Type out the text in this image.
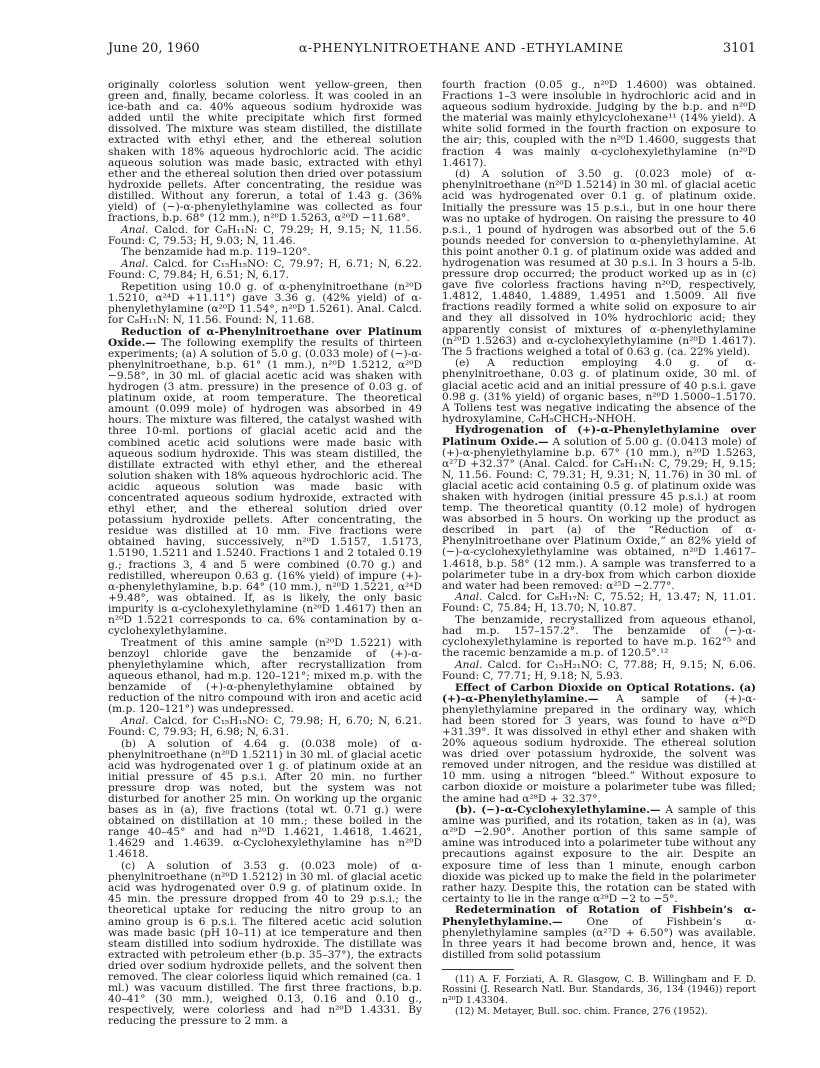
June 20, 1960	α-PHENYLNITROETHANE AND -ETHYLAMINE	3101

originally colorless solution went yellow-green, then green and, finally, became colorless. It was cooled in an ice-bath and ca. 40% aqueous sodium hydroxide was added until the white precipitate which first formed dissolved. The mixture was steam distilled, the distillate extracted with ethyl ether, and the ethereal solution shaken with 18% aqueous hydrochloric acid. The acidic aqueous solution was made basic, extracted with ethyl ether and the ethereal solution then dried over potassium hydroxide pellets. After concentrating, the residue was distilled. Without any forerun, a total of 1.43 g. (36% yield) of (−)-α-phenylethylamine was collected as four fractions, b.p. 68° (12 mm.), n²⁰D 1.5263, α²⁰D −11.68°.

Anal. Calcd. for C₈H₁₁N: C, 79.29; H, 9.15; N, 11.56. Found: C, 79.53; H, 9.03; N, 11.46.

The benzamide had m.p. 119–120°.

Anal. Calcd. for C₁₅H₁₅NO: C, 79.97; H, 6.71; N, 6.22. Found: C, 79.84; H, 6.51; N, 6.17.

Repetition using 10.0 g. of α-phenylnitroethane (n²⁰D 1.5210, α²⁴D +11.11°) gave 3.36 g. (42% yield) of α-phenylethylamine (α²⁰D 11.54°, n²⁰D 1.5261). Anal. Calcd. for C₈H₁₁N: N, 11.56. Found: N, 11.68.

Reduction of α-Phenylnitroethane over Platinum Oxide.— The following exemplify the results of thirteen experiments; (a) A solution of 5.0 g. (0.033 mole) of (−)-α-phenylnitroethane, b.p. 61° (1 mm.), n²⁰D 1.5212, α²⁰D −9.58°, in 30 ml. of glacial acetic acid was shaken with hydrogen (3 atm. pressure) in the presence of 0.03 g. of platinum oxide, at room temperature. The theoretical amount (0.099 mole) of hydrogen was absorbed in 49 hours. The mixture was filtered, the catalyst washed with three 10-ml. portions of glacial acetic acid and the combined acetic acid solutions were made basic with aqueous sodium hydroxide. This was steam distilled, the distillate extracted with ethyl ether, and the ethereal solution shaken with 18% aqueous hydrochloric acid. The acidic aqueous solution was made basic with concentrated aqueous sodium hydroxide, extracted with ethyl ether, and the ethereal solution dried over potassium hydroxide pellets. After concentrating, the residue was distilled at 10 mm. Five fractions were obtained having, successively, n²⁰D 1.5157, 1.5173, 1.5190, 1.5211 and 1.5240. Fractions 1 and 2 totaled 0.19 g.; fractions 3, 4 and 5 were combined (0.70 g.) and redistilled, whereupon 0.63 g. (16% yield) of impure (+)-α-phenylethylamine, b.p. 64° (10 mm.), n²⁰D 1.5221, α²⁴D +9.48°, was obtained. If, as is likely, the only basic impurity is α-cyclohexylethylamine (n²⁰D 1.4617) then an n²⁰D 1.5221 corresponds to ca. 6% contamination by α-cyclohexylethylamine.

Treatment of this amine sample (n²⁰D 1.5221) with benzoyl chloride gave the benzamide of (+)-α-phenylethylamine which, after recrystallization from aqueous ethanol, had m.p. 120–121°; mixed m.p. with the benzamide of (+)-α-phenylethylamine obtained by reduction of the nitro compound with iron and acetic acid (m.p. 120–121°) was undepressed.

Anal. Calcd. for C₁₅H₁₅NO: C, 79.98; H, 6.70; N, 6.21. Found: C, 79.93; H, 6.98; N, 6.31.

(b) A solution of 4.64 g. (0.038 mole) of α-phenylnitroethane (n²⁰D 1.5211) in 30 ml. of glacial acetic acid was hydrogenated over 1 g. of platinum oxide at an initial pressure of 45 p.s.i. After 20 min. no further pressure drop was noted, but the system was not disturbed for another 25 min. On working up the organic bases as in (a), five fractions (total wt. 0.71 g.) were obtained on distillation at 10 mm.; these boiled in the range 40–45° and had n²⁰D 1.4621, 1.4618, 1.4621, 1.4629 and 1.4639. α-Cyclohexylethylamine has n²⁰D 1.4618.

(c) A solution of 3.53 g. (0.023 mole) of α-phenylnitroethane (n²⁰D 1.5212) in 30 ml. of glacial acetic acid was hydrogenated over 0.9 g. of platinum oxide. In 45 min. the pressure dropped from 40 to 29 p.s.i.; the theoretical uptake for reducing the nitro group to an amino group is 6 p.s.i. The filtered acetic acid solution was made basic (pH 10–11) at ice temperature and then steam distilled into sodium hydroxide. The distillate was extracted with petroleum ether (b.p. 35–37°), the extracts dried over sodium hydroxide pellets, and the solvent then removed. The clear colorless liquid which remained (ca. 1 ml.) was vacuum distilled. The first three fractions, b.p. 40–41° (30 mm.), weighed 0.13, 0.16 and 0.10 g., respectively, were colorless and had n²⁰D 1.4331. By reducing the pressure to 2 mm. a

fourth fraction (0.05 g., n²⁰D 1.4600) was obtained. Fractions 1–3 were insoluble in hydrochloric acid and in aqueous sodium hydroxide. Judging by the b.p. and n²⁰D the material was mainly ethylcyclohexane¹¹ (14% yield). A white solid formed in the fourth fraction on exposure to the air; this, coupled with the n²⁰D 1.4600, suggests that fraction 4 was mainly α-cyclohexylethylamine (n²⁰D 1.4617).

(d) A solution of 3.50 g. (0.023 mole) of α-phenylnitroethane (n²⁰D 1.5214) in 30 ml. of glacial acetic acid was hydrogenated over 0.1 g. of platinum oxide. Initially the pressure was 15 p.s.i., but in one hour there was no uptake of hydrogen. On raising the pressure to 40 p.s.i., 1 pound of hydrogen was absorbed out of the 5.6 pounds needed for conversion to α-phenylethylamine. At this point another 0.1 g. of platinum oxide was added and hydrogenation was resumed at 30 p.s.i. In 3 hours a 5-lb. pressure drop occurred; the product worked up as in (c) gave five colorless fractions having n²⁰D, respectively, 1.4812, 1.4840, 1.4889, 1.4951 and 1.5009. All five fractions readily formed a white solid on exposure to air and they all dissolved in 10% hydrochloric acid; they apparently consist of mixtures of α-phenylethylamine (n²⁰D 1.5263) and α-cyclohexylethylamine (n²⁰D 1.4617). The 5 fractions weighed a total of 0.63 g. (ca. 22% yield).

(e) A reduction employing 4.0 g. of α-phenylnitroethane, 0.03 g. of platinum oxide, 30 ml. of glacial acetic acid and an initial pressure of 40 p.s.i. gave 0.98 g. (31% yield) of organic bases, n²⁰D 1.5000–1.5170. A Tollens test was negative indicating the absence of the hydroxylamine, C₆H₅CHCH₃-NHOH.

Hydrogenation of (+)-α-Phenylethylamine over Platinum Oxide.— A solution of 5.00 g. (0.0413 mole) of (+)-α-phenylethylamine b.p. 67° (10 mm.), n²⁰D 1.5263, α²⁷D +32.37° (Anal. Calcd. for C₈H₁₁N: C, 79.29; H, 9.15; N, 11.56. Found: C, 79.31; H, 9.31; N, 11.76) in 30 ml. of glacial acetic acid containing 0.5 g. of platinum oxide was shaken with hydrogen (initial pressure 45 p.s.i.) at room temp. The theoretical quantity (0.12 mole) of hydrogen was absorbed in 5 hours. On working up the product as described in part (a) of the “Reduction of α-Phenylnitroethane over Platinum Oxide,” an 82% yield of (−)-α-cyclohexylethylamine was obtained, n²⁰D 1.4617–1.4618, b.p. 58° (12 mm.). A sample was transferred to a polarimeter tube in a dry-box from which carbon dioxide and water had been removed: α²⁵D −2.77°.

Anal. Calcd. for C₈H₁₇N: C, 75.52; H, 13.47; N, 11.01. Found: C, 75.84; H, 13.70; N, 10.87.

The benzamide, recrystallized from aqueous ethanol, had m.p. 157–157.2°. The benzamide of (−)-α-cyclohexylethylamine is reported to have m.p. 162°⁵ and the racemic benzamide a m.p. of 120.5°.¹²

Anal. Calcd. for C₁₅H₂₁NO: C, 77.88; H, 9.15; N, 6.06. Found: C, 77.71; H, 9.18; N, 5.93.

Effect of Carbon Dioxide on Optical Rotations. (a) (+)-α-Phenylethylamine.— A sample of (+)-α-phenylethylamine prepared in the ordinary way, which had been stored for 3 years, was found to have α²⁶D +31.39°. It was dissolved in ethyl ether and shaken with 20% aqueous sodium hydroxide. The ethereal solution was dried over potassium hydroxide, the solvent was removed under nitrogen, and the residue was distilled at 10 mm. using a nitrogen “bleed.” Without exposure to carbon dioxide or moisture a polarimeter tube was filled; the amine had α²⁸D + 32.37°.

(b). (−)-α-Cyclohexylethylamine.— A sample of this amine was purified, and its rotation, taken as in (a), was α²⁹D −2.90°. Another portion of this same sample of amine was introduced into a polarimeter tube without any precautions against exposure to the air. Despite an exposure time of less than 1 minute, enough carbon dioxide was picked up to make the field in the polarimeter rather hazy. Despite this, the rotation can be stated with certainty to lie in the range α²⁹D −2 to −5°.

Redetermination of Rotation of Fishbein’s α-Phenylethylamine.— One of Fishbein’s α-phenylethylamine samples (α²⁷D + 6.50°) was available. In three years it had become brown and, hence, it was distilled from solid potassium

(11) A. F. Forziati, A. R. Glasgow, C. B. Willingham and F. D. Rossini (J. Research Natl. Bur. Standards, 36, 134 (1946)) report n²⁰D 1.43304.

(12) M. Metayer, Bull. soc. chim. France, 276 (1952).
